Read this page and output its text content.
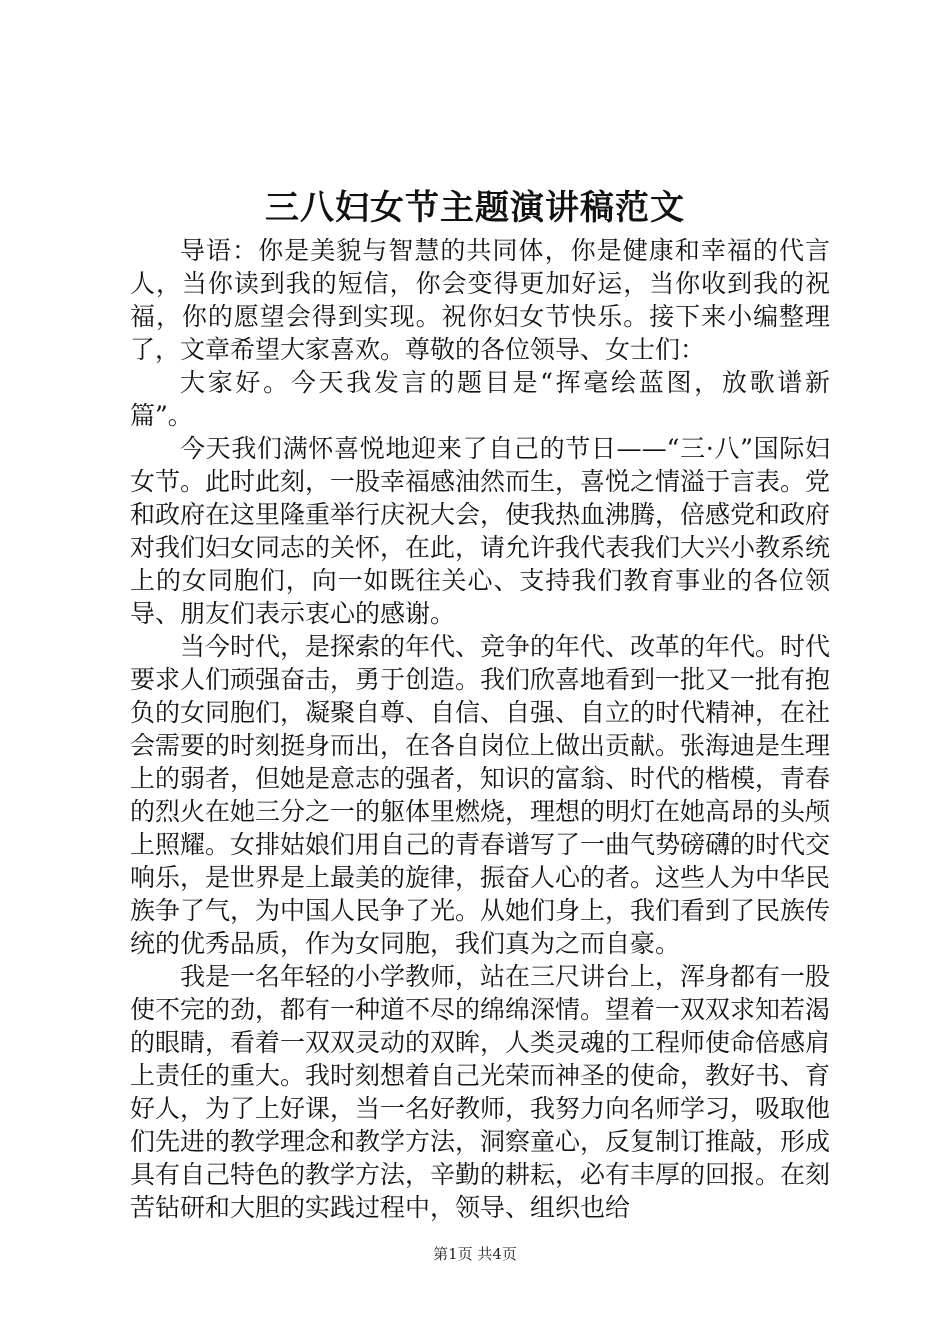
三八妇女节主题演讲稿范文

导语：你是美貌与智慧的共同体，你是健康和幸福的代言人，当你读到我的短信，你会变得更加好运，当你收到我的祝福，你的愿望会得到实现。祝你妇女节快乐。接下来小编整理了，文章希望大家喜欢。尊敬的各位领导、女士们：

大家好。今天我发言的题目是“挥毫绘蓝图，放歌谱新篇”。

今天我们满怀喜悦地迎来了自己的节日——“三·八”国际妇女节。此时此刻，一股幸福感油然而生，喜悦之情溢于言表。党和政府在这里隆重举行庆祝大会，使我热血沸腾，倍感党和政府对我们妇女同志的关怀，在此，请允许我代表我们大兴小教系统上的女同胞们，向一如既往关心、支持我们教育事业的各位领导、朋友们表示衷心的感谢。

当今时代，是探索的年代、竞争的年代、改革的年代。时代要求人们顽强奋击，勇于创造。我们欣喜地看到一批又一批有抱负的女同胞们，凝聚自尊、自信、自强、自立的时代精神，在社会需要的时刻挺身而出，在各自岗位上做出贡献。张海迪是生理上的弱者，但她是意志的强者，知识的富翁、时代的楷模，青春的烈火在她三分之一的躯体里燃烧，理想的明灯在她高昂的头颅上照耀。女排姑娘们用自己的青春谱写了一曲气势磅礴的时代交响乐，是世界是上最美的旋律，振奋人心的者。这些人为中华民族争了气，为中国人民争了光。从她们身上，我们看到了民族传统的优秀品质，作为女同胞，我们真为之而自豪。

我是一名年轻的小学教师，站在三尺讲台上，浑身都有一股使不完的劲，都有一种道不尽的绵绵深情。望着一双双求知若渴的眼睛，看着一双双灵动的双眸，人类灵魂的工程师使命倍感肩上责任的重大。我时刻想着自己光荣而神圣的使命，教好书、育好人，为了上好课，当一名好教师，我努力向名师学习，吸取他们先进的教学理念和教学方法，洞察童心，反复制订推敲，形成具有自己特色的教学方法，辛勤的耕耘，必有丰厚的回报。在刻苦钻研和大胆的实践过程中，领导、组织也给

第1页 共4页
